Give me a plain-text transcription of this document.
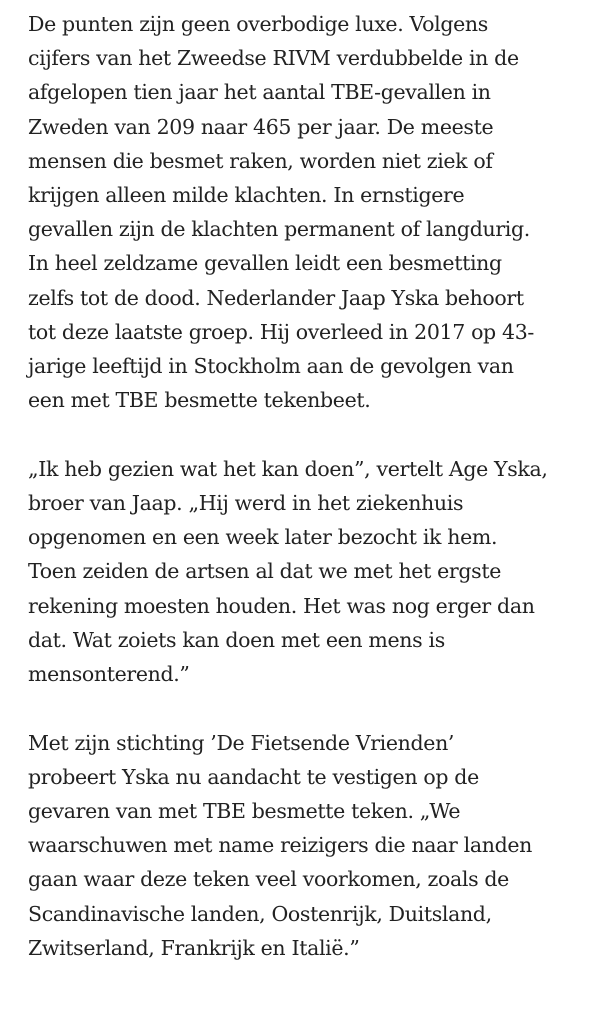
De punten zijn geen overbodige luxe. Volgens
cijfers van het Zweedse RIVM verdubbelde in de
afgelopen tien jaar het aantal TBE-gevallen in
Zweden van 209 naar 465 per jaar. De meeste
mensen die besmet raken, worden niet ziek of
krijgen alleen milde klachten. In ernstigere
gevallen zijn de klachten permanent of langdurig.
In heel zeldzame gevallen leidt een besmetting
zelfs tot de dood. Nederlander Jaap Yska behoort
tot deze laatste groep. Hij overleed in 2017 op 43-
jarige leeftijd in Stockholm aan de gevolgen van
een met TBE besmette tekenbeet.

„Ik heb gezien wat het kan doen”, vertelt Age Yska,
broer van Jaap. „Hij werd in het ziekenhuis
opgenomen en een week later bezocht ik hem.
Toen zeiden de artsen al dat we met het ergste
rekening moesten houden. Het was nog erger dan
dat. Wat zoiets kan doen met een mens is
mensonterend.”

Met zijn stichting ’De Fietsende Vrienden’
probeert Yska nu aandacht te vestigen op de
gevaren van met TBE besmette teken. „We
waarschuwen met name reizigers die naar landen
gaan waar deze teken veel voorkomen, zoals de
Scandinavische landen, Oostenrijk, Duitsland,
Zwitserland, Frankrijk en Italië.”
